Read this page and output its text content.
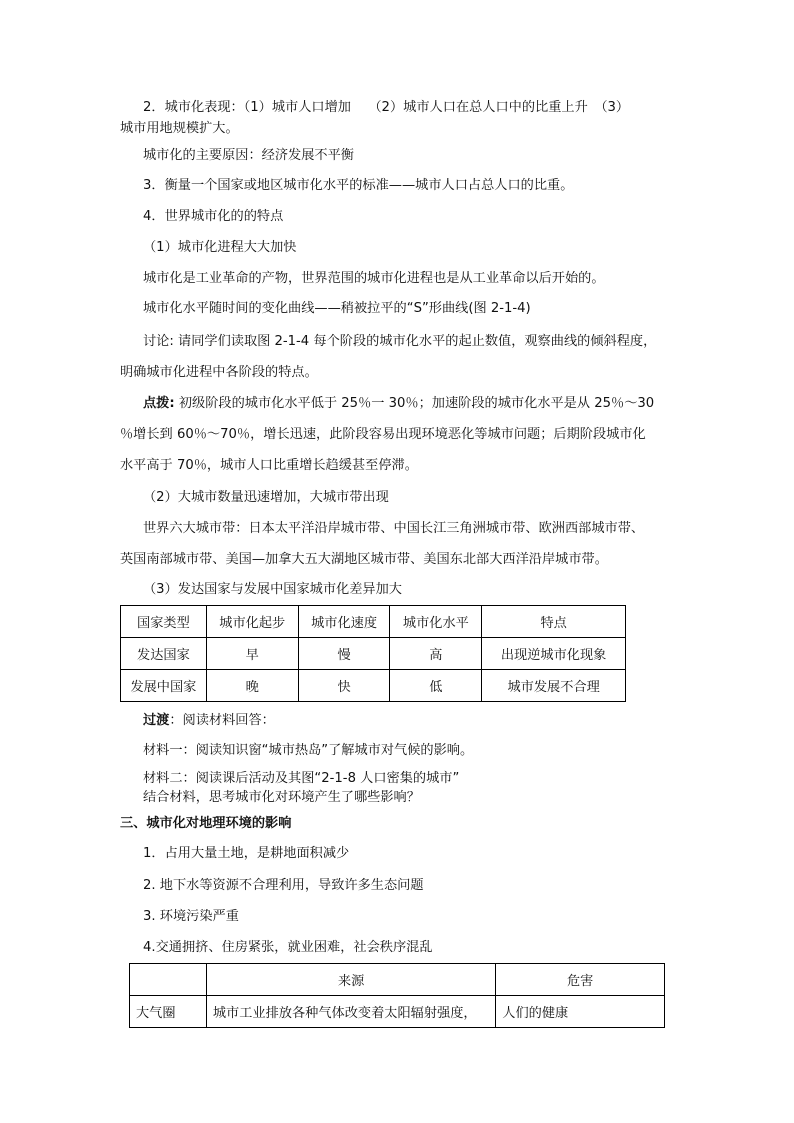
2．城市化表现：（1）城市人口增加　 （2）城市人口在总人口中的比重上升　（3）
城市用地规模扩大。
城市化的主要原因：经济发展不平衡
3．衡量一个国家或地区城市化水平的标准——城市人口占总人口的比重。
4．世界城市化的的特点
（1）城市化进程大大加快
城市化是工业革命的产物，世界范围的城市化进程也是从工业革命以后开始的。
城市化水平随时间的变化曲线——稍被拉平的“S”形曲线(图 2-1-4)
讨论: 请同学们读取图 2-1-4 每个阶段的城市化水平的起止数值，观察曲线的倾斜程度，
明确城市化进程中各阶段的特点。
点拨: 初级阶段的城市化水平低于 25％一 30％；加速阶段的城市化水平是从 25％～30
％增长到 60％～70％，增长迅速，此阶段容易出现环境恶化等城市问题；后期阶段城市化
水平高于 70％，城市人口比重增长趋缓甚至停滞。
（2）大城市数量迅速增加，大城市带出现
世界六大城市带：日本太平洋沿岸城市带、中国长江三角洲城市带、欧洲西部城市带、
英国南部城市带、美国—加拿大五大湖地区城市带、美国东北部大西洋沿岸城市带。
（3）发达国家与发展中国家城市化差异加大
国家类型	城市化起步	城市化速度	城市化水平	特点
发达国家	早	慢	高	出现逆城市化现象
发展中国家	晚	快	低	城市发展不合理
过渡：阅读材料回答：
材料一：阅读知识窗“城市热岛”了解城市对气候的影响。
材料二：阅读课后活动及其图“2-1-8 人口密集的城市”
结合材料，思考城市化对环境产生了哪些影响？
三、城市化对地理环境的影响
1．占用大量土地，是耕地面积减少
2. 地下水等资源不合理利用，导致许多生态问题
3. 环境污染严重
4.交通拥挤、住房紧张，就业困难，社会秩序混乱
	来源	危害
大气圈	城市工业排放各种气体改变着太阳辐射强度，	人们的健康
